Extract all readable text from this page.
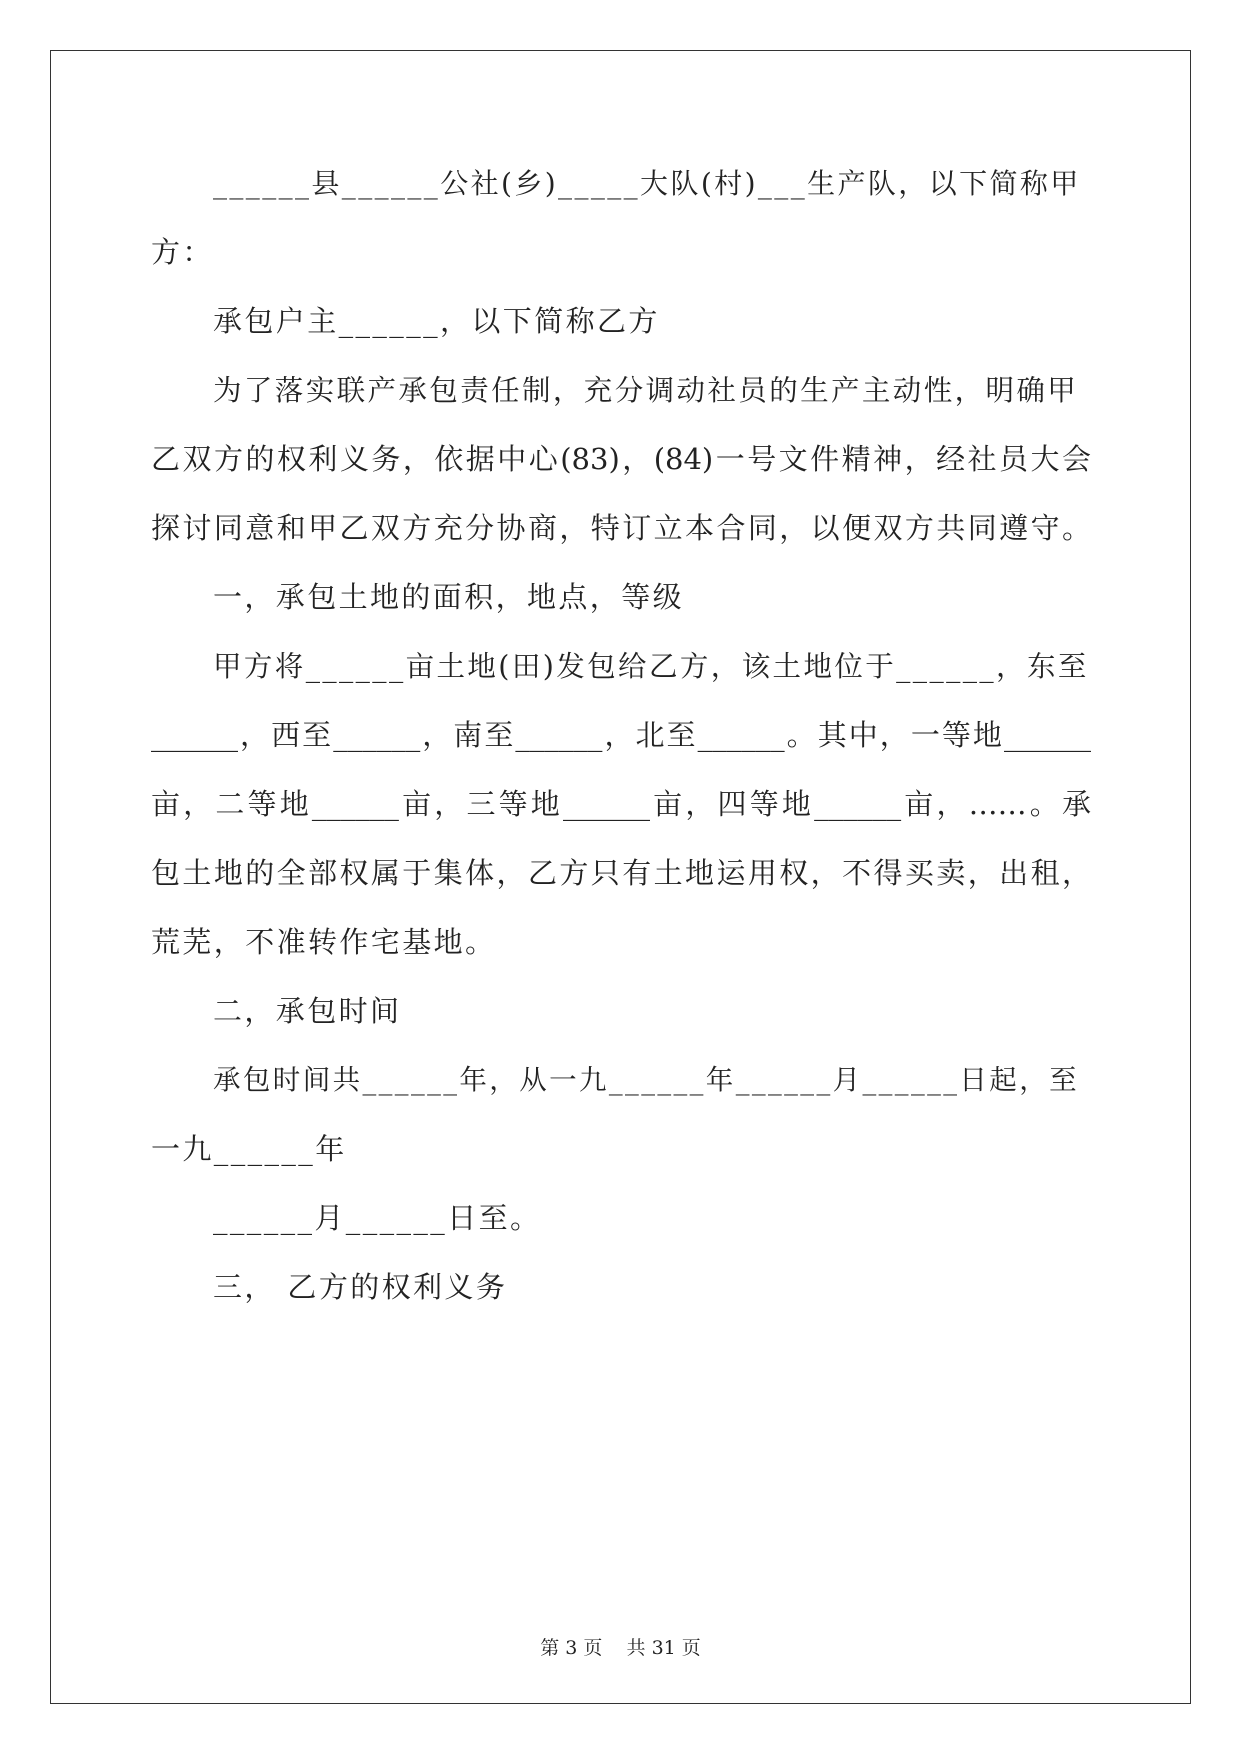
______县______公社(乡)_____大队(村)___生产队，以下简称甲
方：
承包户主______，以下简称乙方
为了落实联产承包责任制，充分调动社员的生产主动性，明确甲
乙双方的权利义务，依据中心(83)，(84)一号文件精神，经社员大会
探讨同意和甲乙双方充分协商，特订立本合同，以便双方共同遵守。
一，承包土地的面积，地点，等级
甲方将______亩土地(田)发包给乙方，该土地位于______，东至
______，西至______，南至______，北至______。其中，一等地______
亩，二等地______亩，三等地______亩，四等地______亩，……。承
包土地的全部权属于集体，乙方只有土地运用权，不得买卖，出租，
荒芜，不准转作宅基地。
二，承包时间
承包时间共______年，从一九______年______月______日起，至
一九______年
______月______日至。
三， 乙方的权利义务
第 3 页    共 31 页
